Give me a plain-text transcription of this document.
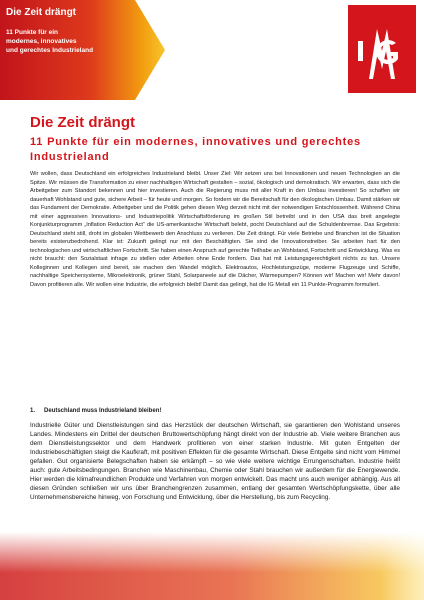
Die Zeit drängt
11 Punkte für ein
modernes, innovatives
und gerechtes Industrieland
Die Zeit drängt
11 Punkte für ein modernes, innovatives und gerechtes Industrieland
Wir wollen, dass Deutschland ein erfolgreiches Industrieland bleibt. Unser Ziel: Wir setzen uns bei Innovationen und neuen Technologien an die Spitze. Wir müssen die Transformation zu einer nachhaltigen Wirtschaft gestalten – sozial, ökologisch und demokratisch. Wir erwarten, dass sich die Arbeitgeber zum Standort bekennen und hier investieren. Auch die Regierung muss mit aller Kraft in den Umbau investieren! So schaffen wir dauerhaft Wohlstand und gute, sichere Arbeit – für heute und morgen. So fordern wir die Bereitschaft für den ökologischen Umbau. Damit stärken wir das Fundament der Demokratie. Arbeitgeber und die Politik gehen diesen Weg derzeit nicht mit der notwendigen Entschlossenheit. Während China mit einer aggressiven Innovations- und Industriepolitik Wirtschaftsförderung im großen Stil betreibt und in den USA das breit angelegte Konjunkturprogramm „Inflation Reduction Act“ die US-amerikanische Wirtschaft belebt, pocht Deutschland auf die Schuldenbremse. Das Ergebnis: Deutschland steht still, droht im globalen Wettbewerb den Anschluss zu verlieren. Die Zeit drängt. Für viele Betriebe und Branchen ist die Situation bereits existenzbedrohend. Klar ist: Zukunft gelingt nur mit den Beschäftigten. Sie sind die Innovationstreiber. Sie arbeiten hart für den technologischen und wirtschaftlichen Fortschritt. Sie haben einen Anspruch auf gerechte Teilhabe an Wohlstand, Fortschritt und Entwicklung. Was es nicht braucht: den Sozialstaat infrage zu stellen oder Arbeiten ohne Ende fordern. Das hat mit Leistungsgerechtigkeit nichts zu tun. Unsere Kolleginnen und Kollegen sind bereit, sie machen den Wandel möglich. Elektroautos, Hochleistungszüge, moderne Flugzeuge und Schiffe, nachhaltige Speichersysteme, Mikroelektronik, grüner Stahl, Solarpaneele auf die Dächer, Wärmepumpen? Können wir! Machen wir! Mehr davon! Davon profitieren alle. Wir wollen eine Industrie, die erfolgreich bleibt! Damit das gelingt, hat die IG Metall ein 11 Punkte-Programm formuliert.
1. Deutschland muss Industrieland bleiben!
Industrielle Güter und Dienstleistungen sind das Herzstück der deutschen Wirtschaft, sie garantieren den Wohlstand unseres Landes. Mindestens ein Drittel der deutschen Bruttowertschöpfung hängt direkt von der Industrie ab. Viele weitere Branchen aus dem Dienstleistungssektor und dem Handwerk profitieren von einer starken Industrie. Mit guten Entgelten der Industriebeschäftigten steigt die Kaufkraft, mit positiven Effekten für die gesamte Wirtschaft. Diese Entgelte sind nicht vom Himmel gefallen. Gut organisierte Belegschaften haben sie erkämpft – so wie viele weitere wichtige Errungenschaften. Industrie heißt auch: gute Arbeitsbedingungen. Branchen wie Maschinenbau, Chemie oder Stahl brauchen wir außerdem für die Energiewende. Hier werden die klimafreundlichen Produkte und Verfahren von morgen entwickelt. Das macht uns auch weniger abhängig. Aus all diesen Gründen schließen wir uns über Branchengrenzen zusammen, entlang der gesamten Wertschöpfungskette, über alle Unternehmensbereiche hinweg, von Forschung und Entwicklung, über die Herstellung, bis zum Recycling.
